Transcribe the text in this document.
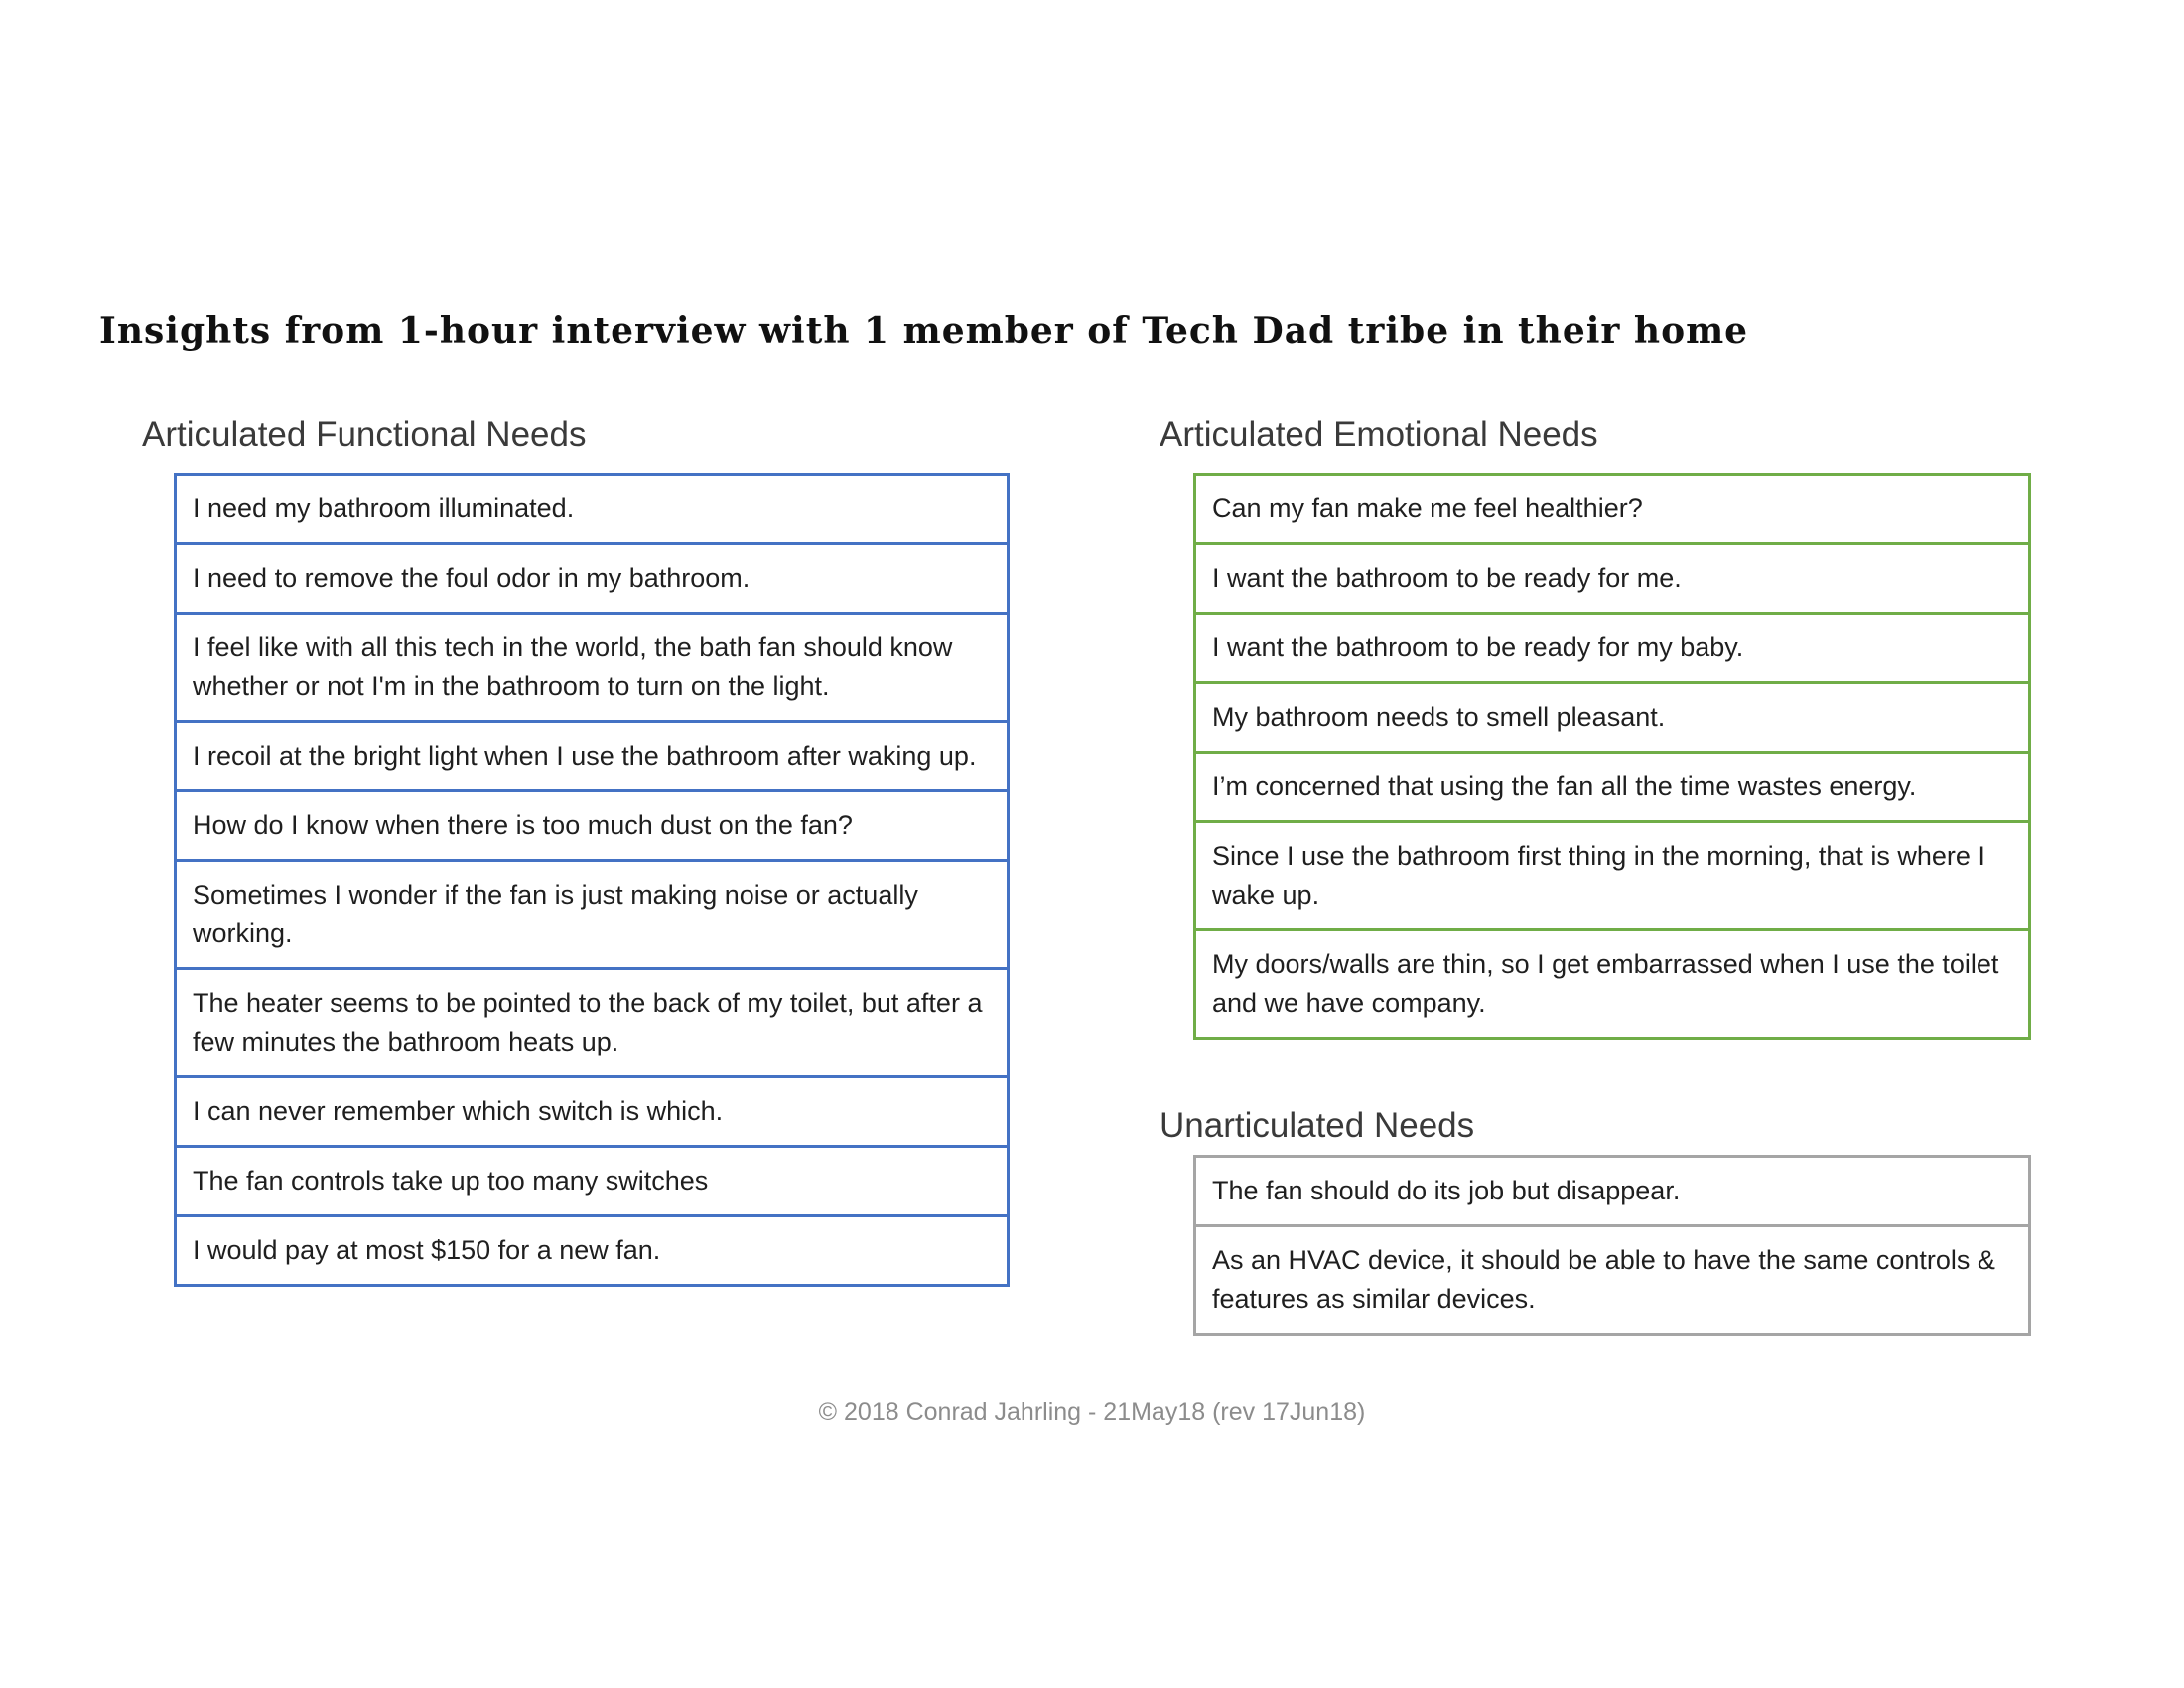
Insights from 1-hour interview with 1 member of Tech Dad tribe in their home
Articulated Functional Needs
I need my bathroom illuminated.
I need to remove the foul odor in my bathroom.
I feel like with all this tech in the world, the bath fan should know whether or not I'm in the bathroom to turn on the light.
I recoil at the bright light when I use the bathroom after waking up.
How do I know when there is too much dust on the fan?
Sometimes I wonder if the fan is just making noise or actually working.
The heater seems to be pointed to the back of my toilet, but after a few minutes the bathroom heats up.
I can never remember which switch is which.
The fan controls take up too many switches
I would pay at most $150 for a new fan.
Articulated Emotional Needs
Can my fan make me feel healthier?
I want the bathroom to be ready for me.
I want the bathroom to be ready for my baby.
My bathroom needs to smell pleasant.
I’m concerned that using the fan all the time wastes energy.
Since I use the bathroom first thing in the morning, that is where I wake up.
My doors/walls are thin, so I get embarrassed when I use the toilet and we have company.
Unarticulated Needs
The fan should do its job but disappear.
As an HVAC device, it should be able to have the same controls & features as similar devices.
© 2018 Conrad Jahrling - 21May18 (rev 17Jun18)
